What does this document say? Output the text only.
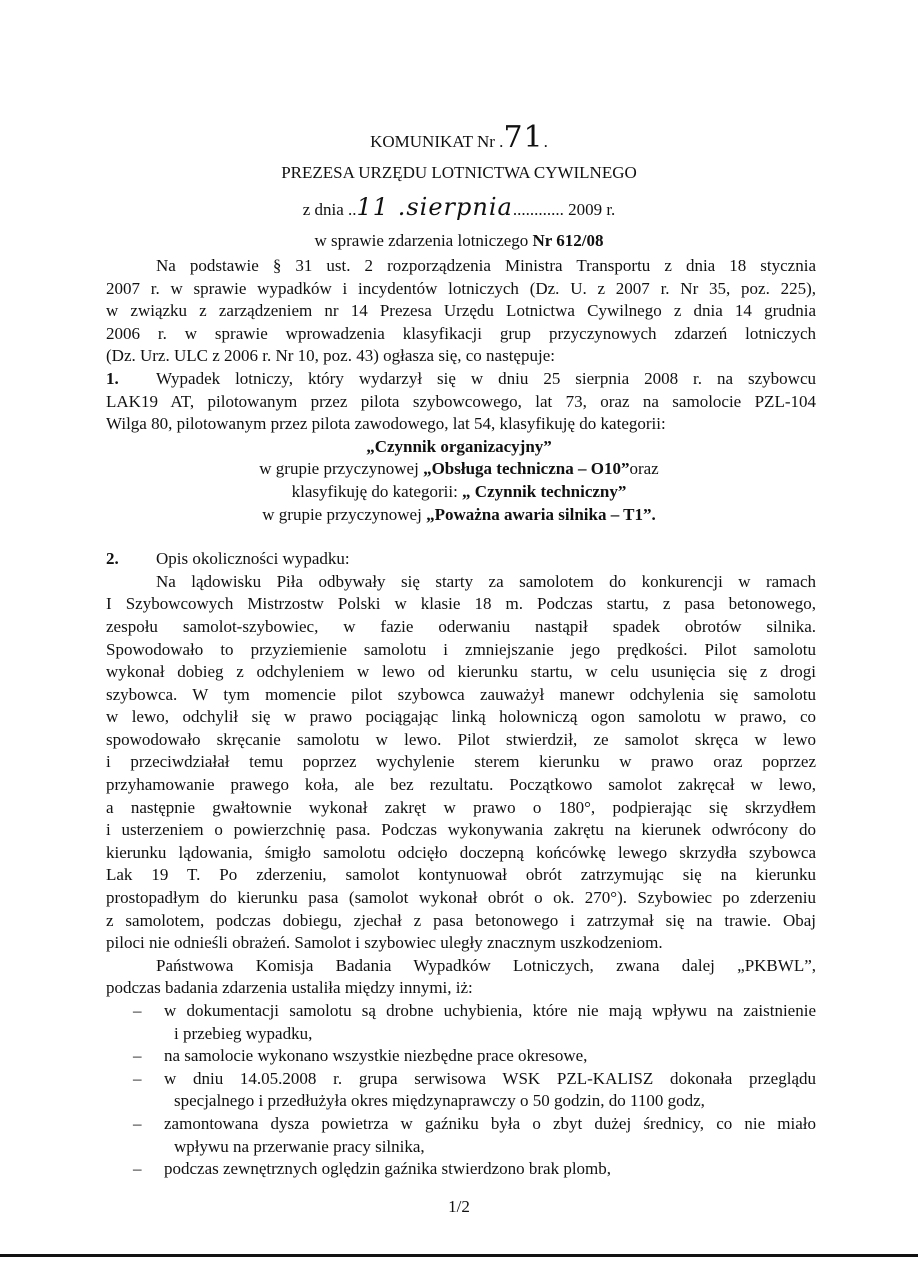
KOMUNIKAT Nr .71.
PREZESA URZĘDU LOTNICTWA CYWILNEGO
z dnia ..11 .sierpnia............ 2009 r.
w sprawie zdarzenia lotniczego Nr 612/08
Na podstawie § 31 ust. 2 rozporządzenia Ministra Transportu z dnia 18 stycznia
2007 r. w sprawie wypadków i incydentów lotniczych (Dz. U. z 2007 r. Nr 35, poz. 225),
w związku z zarządzeniem nr 14 Prezesa Urzędu Lotnictwa Cywilnego z dnia 14 grudnia
2006 r. w sprawie wprowadzenia klasyfikacji grup przyczynowych zdarzeń lotniczych
(Dz. Urz. ULC z 2006 r. Nr 10, poz. 43) ogłasza się, co następuje:
1.	Wypadek lotniczy, który wydarzył się w dniu 25 sierpnia 2008 r. na szybowcu
LAK19 AT, pilotowanym przez pilota szybowcowego, lat 73, oraz na samolocie PZL-104
Wilga 80, pilotowanym przez pilota zawodowego, lat 54, klasyfikuję do kategorii:
„Czynnik organizacyjny”
w grupie przyczynowej „Obsługa techniczna – O10”oraz
klasyfikuję do kategorii: „ Czynnik techniczny”
w grupie przyczynowej „Poważna awaria silnika – T1”.
2.	Opis okoliczności wypadku:
Na lądowisku Piła odbywały się starty za samolotem do konkurencji w ramach
I Szybowcowych Mistrzostw Polski w klasie 18 m. Podczas startu, z pasa betonowego,
zespołu samolot-szybowiec, w fazie oderwaniu nastąpił spadek obrotów silnika.
Spowodowało to przyziemienie samolotu i zmniejszanie jego prędkości. Pilot samolotu
wykonał dobieg z odchyleniem w lewo od kierunku startu, w celu usunięcia się z drogi
szybowca. W tym momencie pilot szybowca zauważył manewr odchylenia się samolotu
w lewo, odchylił się w prawo pociągając linką holowniczą ogon samolotu w prawo, co
spowodowało skręcanie samolotu w lewo. Pilot stwierdził, ze samolot skręca w lewo
i przeciwdziałał temu poprzez wychylenie sterem kierunku w prawo oraz poprzez
przyhamowanie prawego koła, ale bez rezultatu. Początkowo samolot zakręcał w lewo,
a następnie gwałtownie wykonał zakręt w prawo o 180°, podpierając się skrzydłem
i usterzeniem o powierzchnię pasa. Podczas wykonywania zakrętu na kierunek odwrócony do
kierunku lądowania, śmigło samolotu odcięło doczepną końcówkę lewego skrzydła szybowca
Lak 19 T. Po zderzeniu, samolot kontynuował obrót zatrzymując się na kierunku
prostopadłym do kierunku pasa (samolot wykonał obrót o ok. 270°). Szybowiec po zderzeniu
z samolotem, podczas dobiegu, zjechał z pasa betonowego i zatrzymał się na trawie. Obaj
piloci nie odnieśli obrażeń. Samolot i szybowiec uległy znacznym uszkodzeniom.
Państwowa Komisja Badania Wypadków Lotniczych, zwana dalej „PKBWL”,
podczas badania zdarzenia ustaliła między innymi, iż:
– w dokumentacji samolotu są drobne uchybienia, które nie mają wpływu na zaistnienie
i przebieg wypadku,
– na samolocie wykonano wszystkie niezbędne prace okresowe,
– w dniu 14.05.2008 r. grupa serwisowa WSK PZL-KALISZ dokonała przeglądu
specjalnego i przedłużyła okres międzynaprawczy o 50 godzin, do 1100 godz,
– zamontowana dysza powietrza w gaźniku była o zbyt dużej średnicy, co nie miało
wpływu na przerwanie pracy silnika,
– podczas zewnętrznych oględzin gaźnika stwierdzono brak plomb,
1/2
